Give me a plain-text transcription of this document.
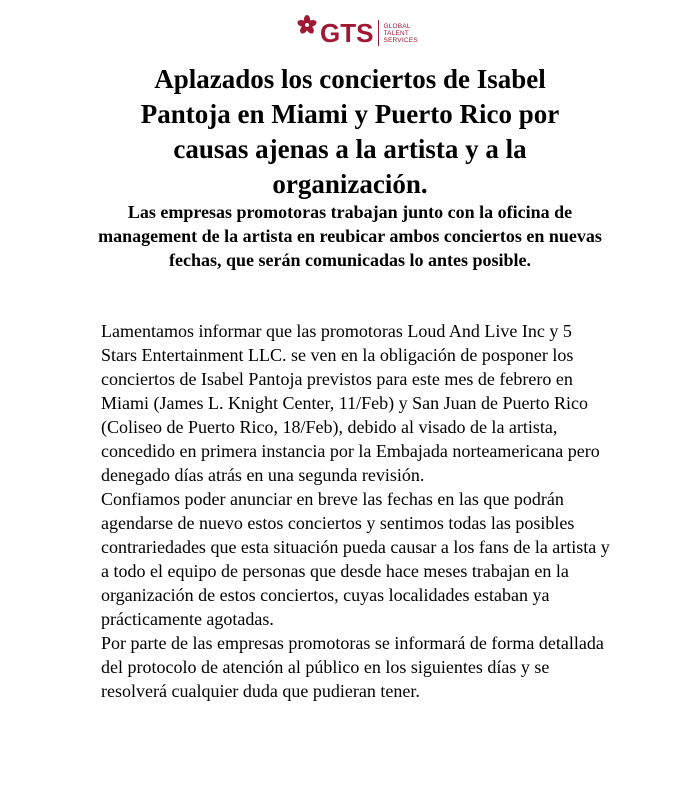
GTS GLOBAL
TALENT
SERVICES
Aplazados los conciertos de Isabel Pantoja en Miami y Puerto Rico por causas ajenas a la artista y a la organización.
Las empresas promotoras trabajan junto con la oficina de management de la artista en reubicar ambos conciertos en nuevas fechas, que serán comunicadas lo antes posible.

Lamentamos informar que las promotoras Loud And Live Inc y 5 Stars Entertainment LLC. se ven en la obligación de posponer los conciertos de Isabel Pantoja previstos para este mes de febrero en Miami (James L. Knight Center, 11/Feb) y San Juan de Puerto Rico (Coliseo de Puerto Rico, 18/Feb), debido al visado de la artista, concedido en primera instancia por la Embajada norteamericana pero denegado días atrás en una segunda revisión.

Confiamos poder anunciar en breve las fechas en las que podrán agendarse de nuevo estos conciertos y sentimos todas las posibles contrariedades que esta situación pueda causar a los fans de la artista y a todo el equipo de personas que desde hace meses trabajan en la organización de estos conciertos, cuyas localidades estaban ya prácticamente agotadas.

Por parte de las empresas promotoras se informará de forma detallada del protocolo de atención al público en los siguientes días y se resolverá cualquier duda que pudieran tener.
